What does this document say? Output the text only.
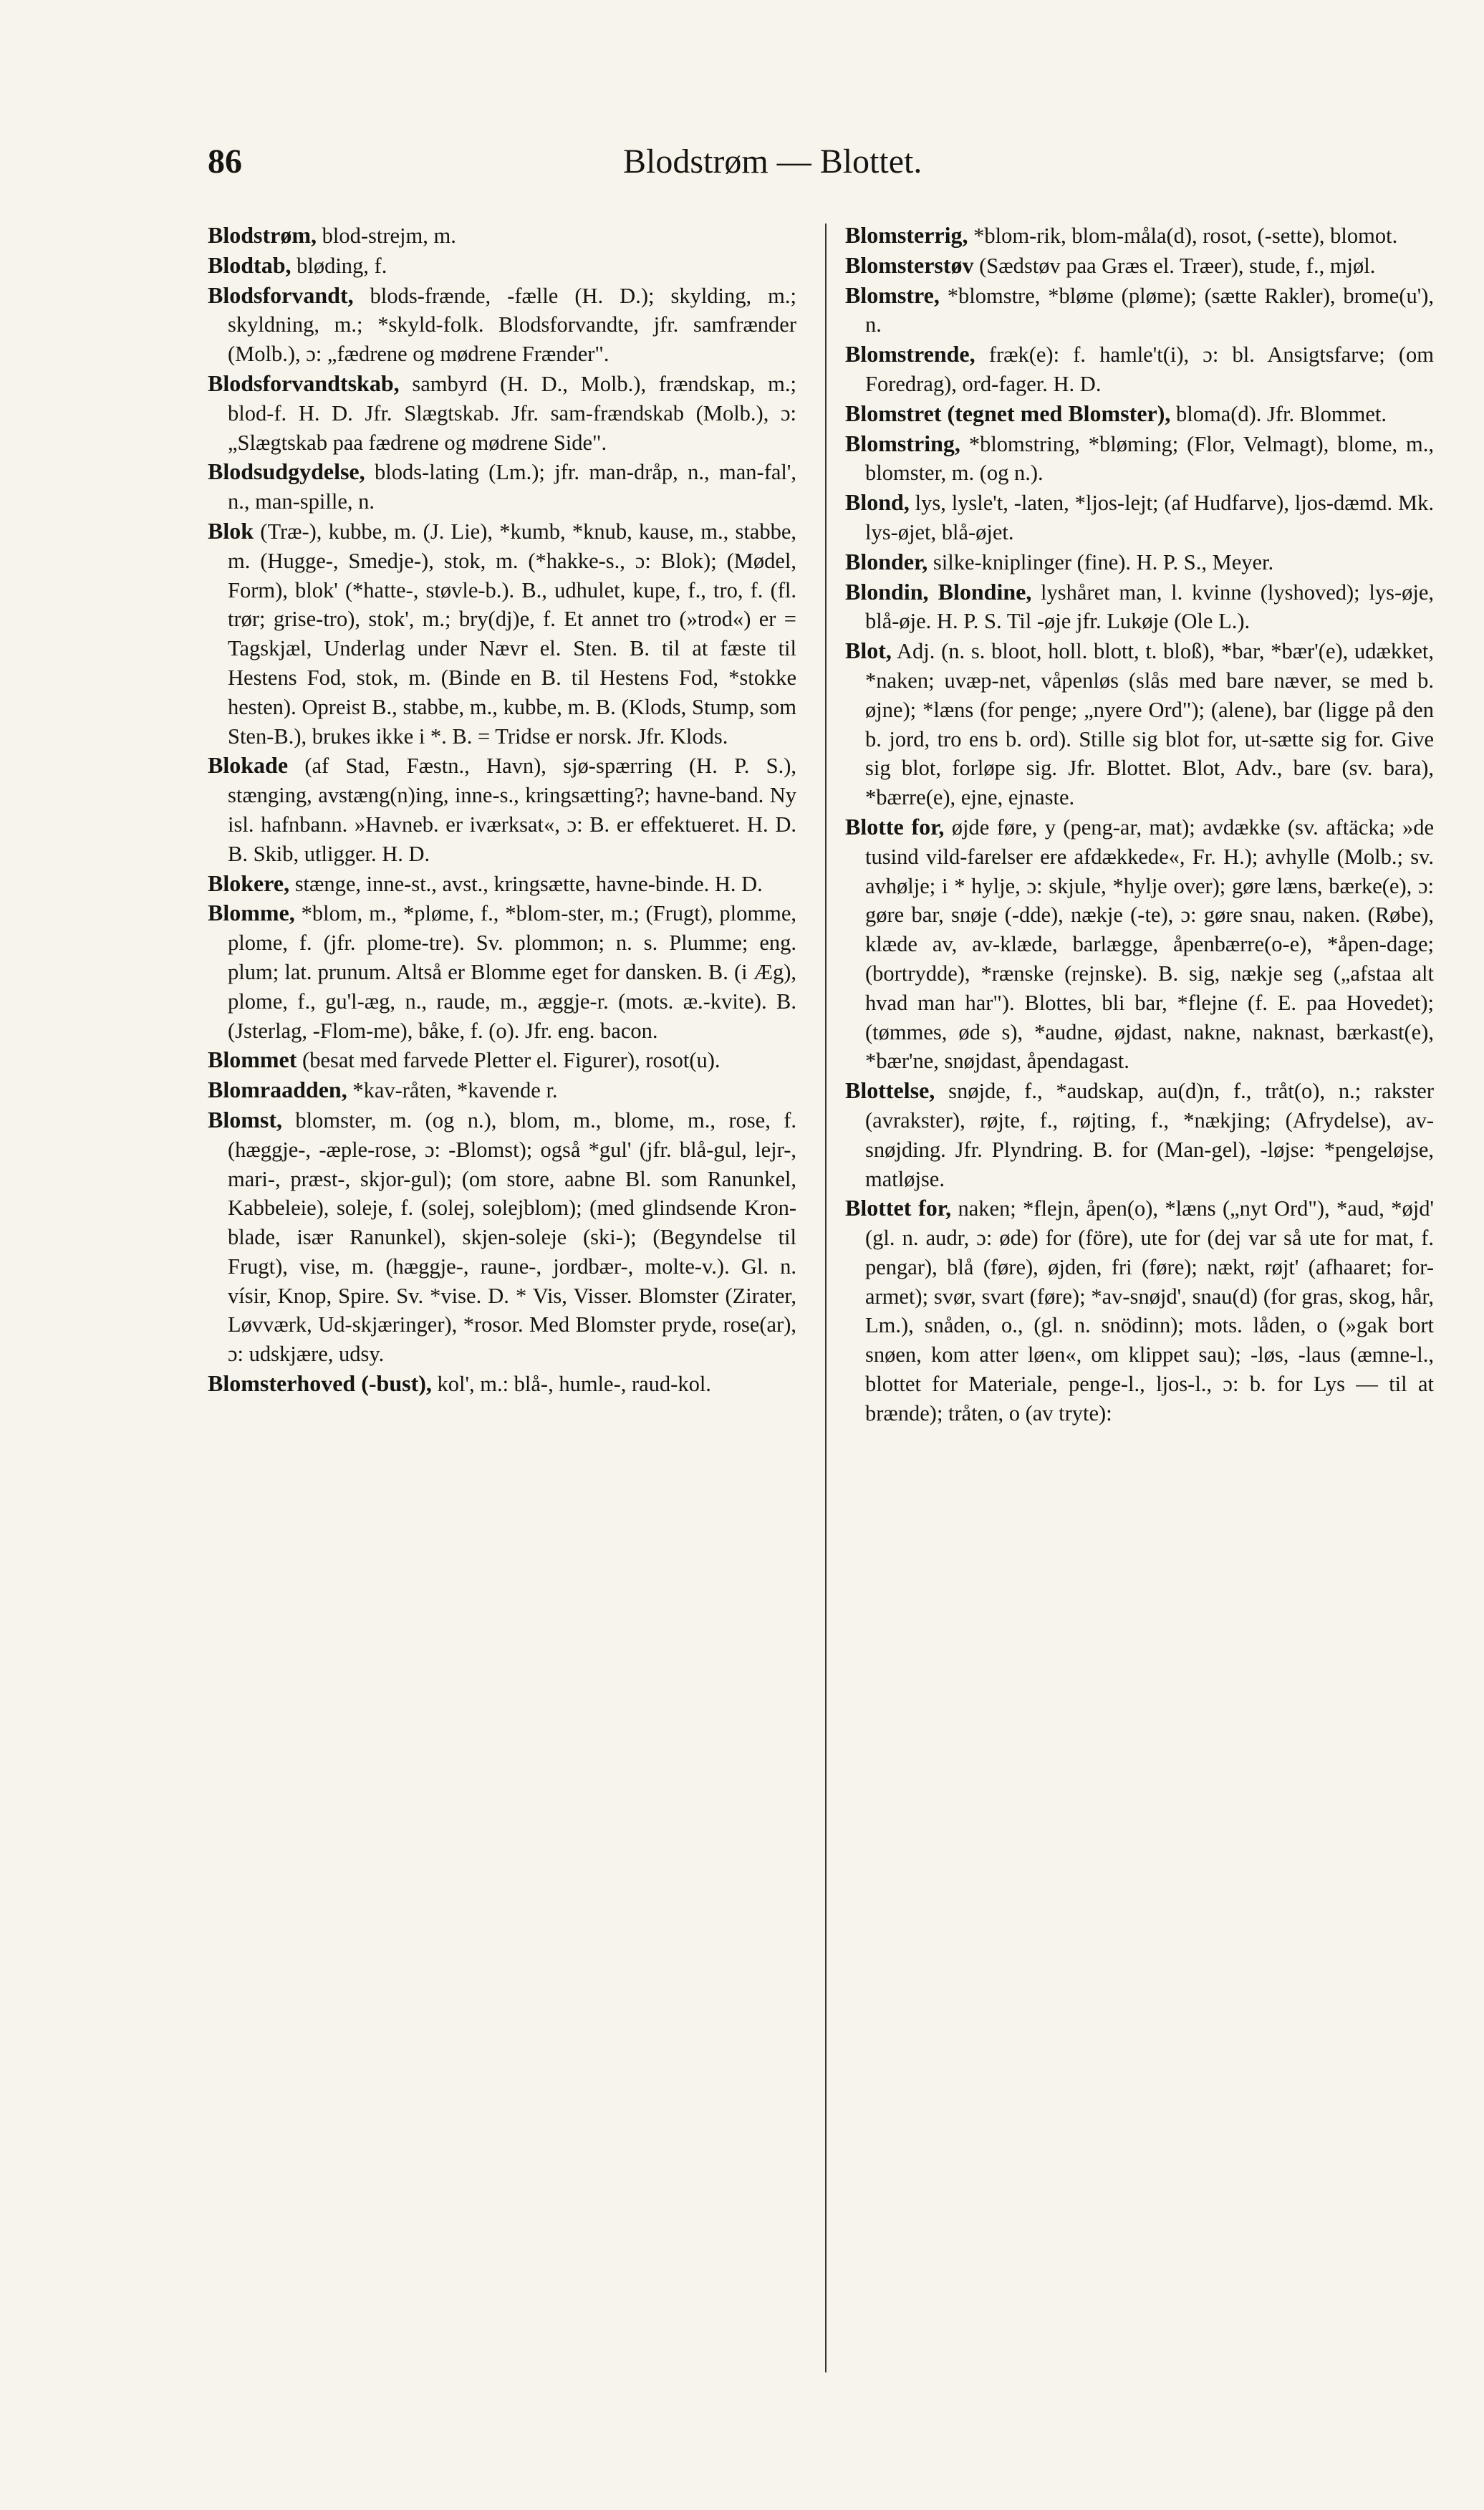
86	Blodstrøm — Blottet.

Blodstrøm, blod-strejm, m.

Blodtab, bløding, f.

Blodsforvandt, blods-frænde, -fælle (H. D.); skylding, m.; skyldning, m.; *skyld-folk. Blodsforvandte, jfr. samfrænder (Molb.), ɔ: „fædrene og mødrene Frænder".

Blodsforvandtskab, sambyrd (H. D., Molb.), frændskap, m.; blod-f. H. D. Jfr. Slægtskab. Jfr. sam-frændskab (Molb.), ɔ: „Slægtskab paa fædrene og mødrene Side".

Blodsudgydelse, blods-lating (Lm.); jfr. man-dråp, n., man-fal', n., man-spille, n.

Blok (Træ-), kubbe, m. (J. Lie), *kumb, *knub, kause, m., stabbe, m. (Hugge-, Smedje-), stok, m. (*hakke-s., ɔ: Blok); (Mødel, Form), blok' (*hatte-, støvle-b.). B., udhulet, kupe, f., tro, f. (fl. trør; grise-tro), stok', m.; bry(dj)e, f. Et annet tro (»trod«) er = Tagskjæl, Underlag under Nævr el. Sten. B. til at fæste til Hestens Fod, stok, m. (Binde en B. til Hestens Fod, *stokke hesten). Opreist B., stabbe, m., kubbe, m. B. (Klods, Stump, som Sten-B.), brukes ikke i *. B. = Tridse er norsk. Jfr. Klods.

Blokade (af Stad, Fæstn., Havn), sjø-spærring (H. P. S.), stænging, avstæng(n)ing, inne-s., kringsætting?; havne-band. Ny isl. hafnbann. »Havneb. er iværksat«, ɔ: B. er effektueret. H. D. B. Skib, utligger. H. D.

Blokere, stænge, inne-st., avst., kringsætte, havne-binde. H. D.

Blomme, *blom, m., *pløme, f., *blom-ster, m.; (Frugt), plomme, plome, f. (jfr. plome-tre). Sv. plommon; n. s. Plumme; eng. plum; lat. prunum. Altså er Blomme eget for dansken. B. (i Æg), plome, f., gu'l-æg, n., raude, m., æggje-r. (mots. æ.-kvite). B. (Jsterlag, -Flom-me), båke, f. (o). Jfr. eng. bacon.

Blommet (besat med farvede Pletter el. Figurer), rosot(u).

Blomraadden, *kav-råten, *kavende r.

Blomst, blomster, m. (og n.), blom, m., blome, m., rose, f. (hæggje-, -æple-rose, ɔ: -Blomst); også *gul' (jfr. blå-gul, lejr-, mari-, præst-, skjor-gul); (om store, aabne Bl. som Ranunkel, Kabbeleie), soleje, f. (solej, solejblom); (med glindsende Kron-blade, især Ranunkel), skjen-soleje (ski-); (Begyndelse til Frugt), vise, m. (hæggje-, raune-, jordbær-, molte-v.). Gl. n. vísir, Knop, Spire. Sv. *vise. D. * Vis, Visser. Blomster (Zirater, Løvværk, Ud-skjæringer), *rosor. Med Blomster pryde, rose(ar), ɔ: udskjære, udsy.

Blomsterhoved (-bust), kol', m.: blå-, humle-, raud-kol.

Blomsterrig, *blom-rik, blom-måla(d), rosot, (-sette), blomot.

Blomsterstøv (Sædstøv paa Græs el. Træer), stude, f., mjøl.

Blomstre, *blomstre, *bløme (pløme); (sætte Rakler), brome(u'), n.

Blomstrende, fræk(e): f. hamle't(i), ɔ: bl. Ansigtsfarve; (om Foredrag), ord-fager. H. D.

Blomstret (tegnet med Blomster), bloma(d). Jfr. Blommet.

Blomstring, *blomstring, *bløming; (Flor, Velmagt), blome, m., blomster, m. (og n.).

Blond, lys, lysle't, -laten, *ljos-lejt; (af Hudfarve), ljos-dæmd. Mk. lys-øjet, blå-øjet.

Blonder, silke-kniplinger (fine). H. P. S., Meyer.

Blondin, Blondine, lyshåret man, l. kvinne (lyshoved); lys-øje, blå-øje. H. P. S. Til -øje jfr. Lukøje (Ole L.).

Blot, Adj. (n. s. bloot, holl. blott, t. bloß), *bar, *bær'(e), udækket, *naken; uvæp-net, våpenløs (slås med bare næver, se med b. øjne); *læns (for penge; „nyere Ord"); (alene), bar (ligge på den b. jord, tro ens b. ord). Stille sig blot for, ut-sætte sig for. Give sig blot, forløpe sig. Jfr. Blottet. Blot, Adv., bare (sv. bara), *bærre(e), ejne, ejnaste.

Blotte for, øjde føre, y (peng-ar, mat); avdække (sv. aftäcka; »de tusind vild-farelser ere afdækkede«, Fr. H.); avhylle (Molb.; sv. avhølje; i * hylje, ɔ: skjule, *hylje over); gøre læns, bærke(e), ɔ: gøre bar, snøje (-dde), nækje (-te), ɔ: gøre snau, naken. (Røbe), klæde av, av-klæde, barlægge, åpenbærre(o-e), *åpen-dage; (bortrydde), *rænske (rejnske). B. sig, nækje seg („afstaa alt hvad man har"). Blottes, bli bar, *flejne (f. E. paa Hovedet); (tømmes, øde s), *audne, øjdast, nakne, naknast, bærkast(e), *bær'ne, snøjdast, åpendagast.

Blottelse, snøjde, f., *audskap, au(d)n, f., tråt(o), n.; rakster (avrakster), røjte, f., røjting, f., *nækjing; (Afrydelse), av-snøjding. Jfr. Plyndring. B. for (Man-gel), -løjse: *pengeløjse, matløjse.

Blottet for, naken; *flejn, åpen(o), *læns („nyt Ord"), *aud, *øjd' (gl. n. audr, ɔ: øde) for (före), ute for (dej var så ute for mat, f. pengar), blå (føre), øjden, fri (føre); nækt, røjt' (afhaaret; for-armet); svør, svart (føre); *av-snøjd', snau(d) (for gras, skog, hår, Lm.), snåden, o., (gl. n. snödinn); mots. låden, o (»gak bort snøen, kom atter løen«, om klippet sau); -løs, -laus (æmne-l., blottet for Materiale, penge-l., ljos-l., ɔ: b. for Lys — til at brænde); tråten, o (av tryte):
